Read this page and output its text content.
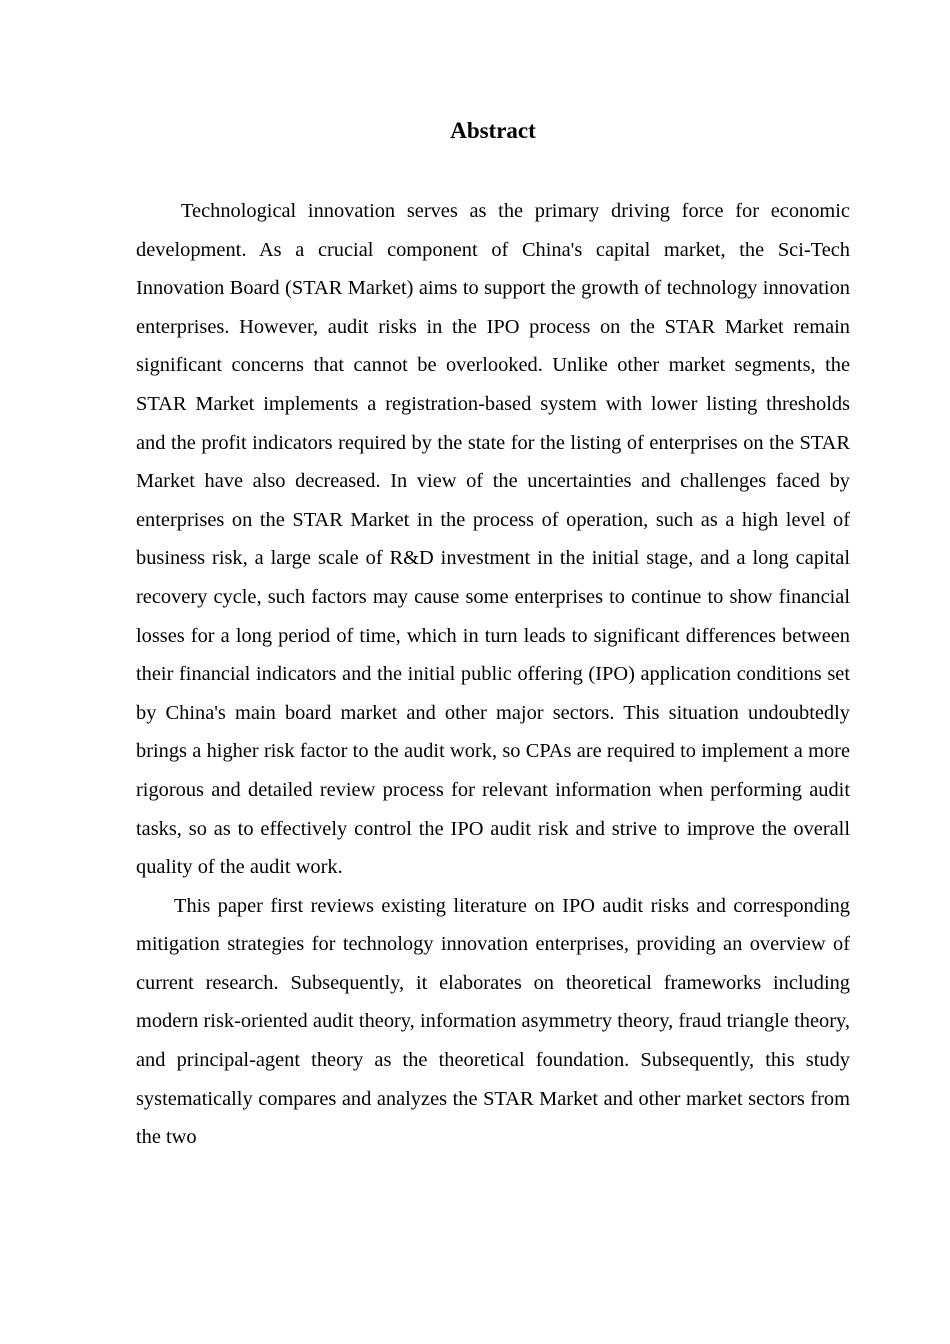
Abstract

Technological innovation serves as the primary driving force for economic development. As a crucial component of China's capital market, the Sci-Tech Innovation Board (STAR Market) aims to support the growth of technology innovation enterprises. However, audit risks in the IPO process on the STAR Market remain significant concerns that cannot be overlooked. Unlike other market segments, the STAR Market implements a registration-based system with lower listing thresholds and the profit indicators required by the state for the listing of enterprises on the STAR Market have also decreased. In view of the uncertainties and challenges faced by enterprises on the STAR Market in the process of operation, such as a high level of business risk, a large scale of R&D investment in the initial stage, and a long capital recovery cycle, such factors may cause some enterprises to continue to show financial losses for a long period of time, which in turn leads to significant differences between their financial indicators and the initial public offering (IPO) application conditions set by China's main board market and other major sectors. This situation undoubtedly brings a higher risk factor to the audit work, so CPAs are required to implement a more rigorous and detailed review process for relevant information when performing audit tasks, so as to effectively control the IPO audit risk and strive to improve the overall quality of the audit work.

This paper first reviews existing literature on IPO audit risks and corresponding mitigation strategies for technology innovation enterprises, providing an overview of current research. Subsequently, it elaborates on theoretical frameworks including modern risk-oriented audit theory, information asymmetry theory, fraud triangle theory, and principal-agent theory as the theoretical foundation. Subsequently, this study systematically compares and analyzes the STAR Market and other market sectors from the two
